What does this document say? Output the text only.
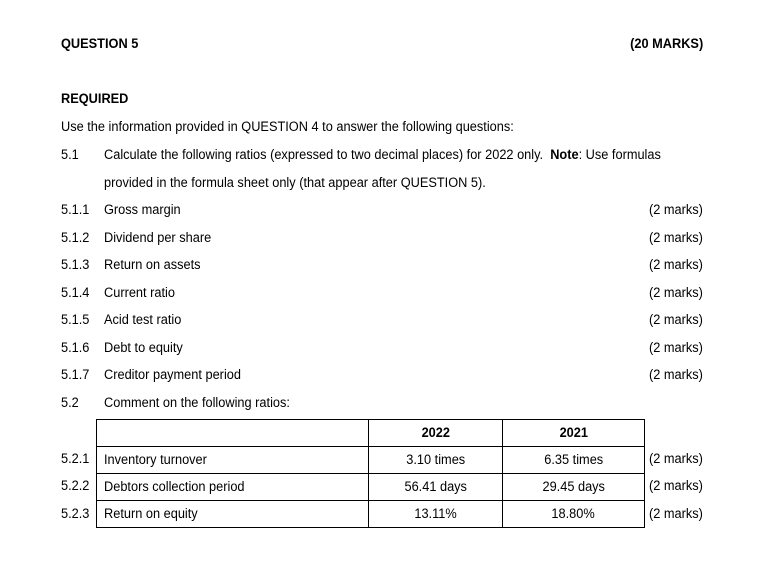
QUESTION 5	(20 MARKS)
REQUIRED
Use the information provided in QUESTION 4 to answer the following questions:
5.1 Calculate the following ratios (expressed to two decimal places) for 2022 only. Note: Use formulas
provided in the formula sheet only (that appear after QUESTION 5).
5.1.1 Gross margin	(2 marks)
5.1.2 Dividend per share	(2 marks)
5.1.3 Return on assets	(2 marks)
5.1.4 Current ratio	(2 marks)
5.1.5 Acid test ratio	(2 marks)
5.1.6 Debt to equity	(2 marks)
5.1.7 Creditor payment period	(2 marks)
5.2 Comment on the following ratios:
	2022	2021
Inventory turnover	3.10 times	6.35 times
Debtors collection period	56.41 days	29.45 days
Return on equity	13.11%	18.80%
5.2.1	(2 marks)
5.2.2	(2 marks)
5.2.3	(2 marks)
